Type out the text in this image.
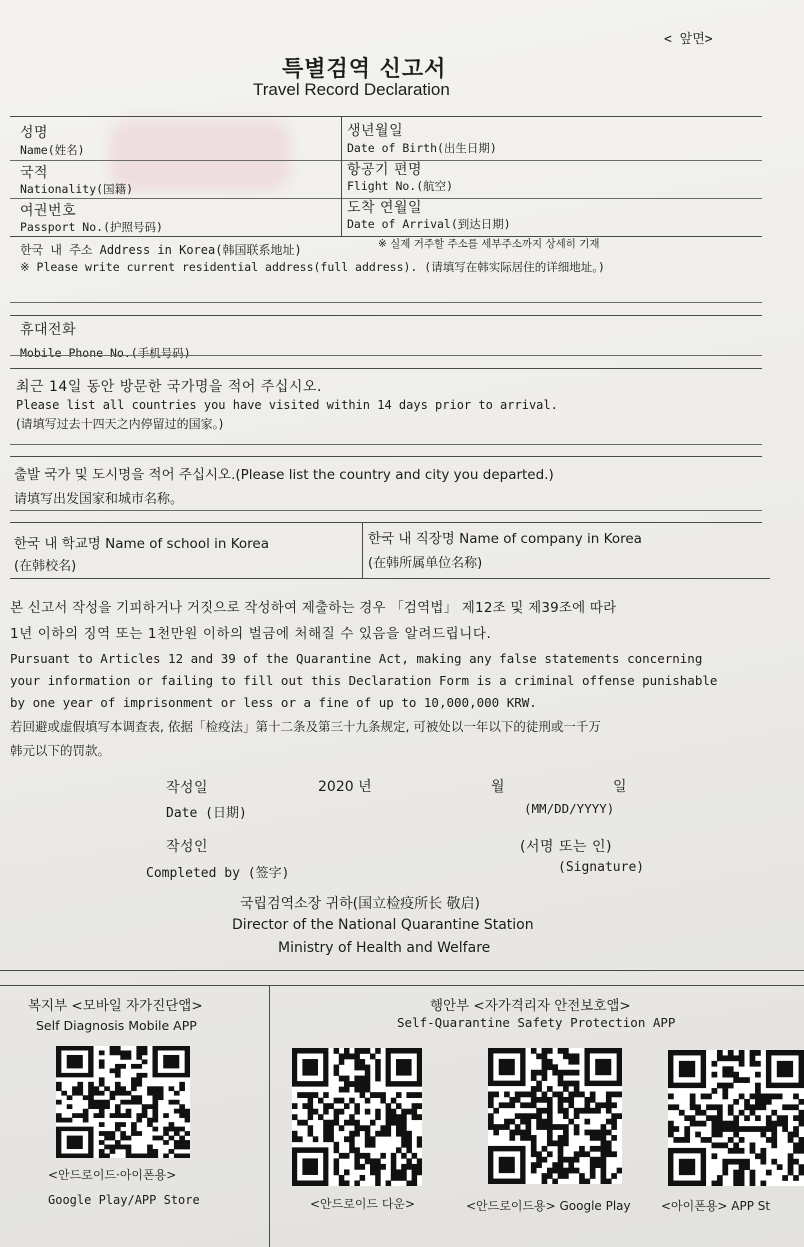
< 앞면>
특별검역 신고서
Travel Record Declaration
성명
Name(姓名)
생년월일
Date of Birth(出生日期)
국적
Nationality(国籍)
항공기 편명
Flight No.(航空)
여권번호
Passport No.(护照号码)
도착 연월일
Date of Arrival(到达日期)
한국 내 주소 Address in Korea(韩国联系地址)	※ 실제 거주할 주소를 세부주소까지 상세히 기재
※ Please write current residential address(full address). (请填写在韩实际居住的详细地址。)
휴대전화
Mobile Phone No.(手机号码)
최근 14일 동안 방문한 국가명을 적어 주십시오.
Please list all countries you have visited within 14 days prior to arrival.
(请填写过去十四天之内停留过的国家。)
출발 국가 및 도시명을 적어 주십시오.(Please list the country and city you departed.)
请填写出发国家和城市名称。
한국 내 학교명 Name of school in Korea
(在韩校名)
한국 내 직장명 Name of company in Korea
(在韩所属单位名称)
본 신고서 작성을 기피하거나 거짓으로 작성하여 제출하는 경우 「검역법」 제12조 및 제39조에 따라
1년 이하의 징역 또는 1천만원 이하의 벌금에 처해질 수 있음을 알려드립니다.
Pursuant to Articles 12 and 39 of the Quarantine Act, making any false statements concerning
your information or failing to fill out this Declaration Form is a criminal offense punishable
by one year of imprisonment or less or a fine of up to 10,000,000 KRW.
若回避或虚假填写本调查表, 依据「检疫法」第十二条及第三十九条规定, 可被处以一年以下的徒刑或一千万
韩元以下的罚款。
작성일
Date (日期)
2020 년	월	일
(MM/DD/YYYY)
작성인
Completed by (签字)
(서명 또는 인)
(Signature)
국립검역소장 귀하(国立检疫所长 敬启)
Director of the National Quarantine Station
Ministry of Health and Welfare
복지부 <모바일 자가진단앱>
Self Diagnosis Mobile APP
<안드로이드·아이폰용>
Google Play/APP Store
행안부 <자가격리자 안전보호앱>
Self-Quarantine Safety Protection APP
<안드로이드 다운>	<안드로이드용> Google Play	<아이폰용> APP St
